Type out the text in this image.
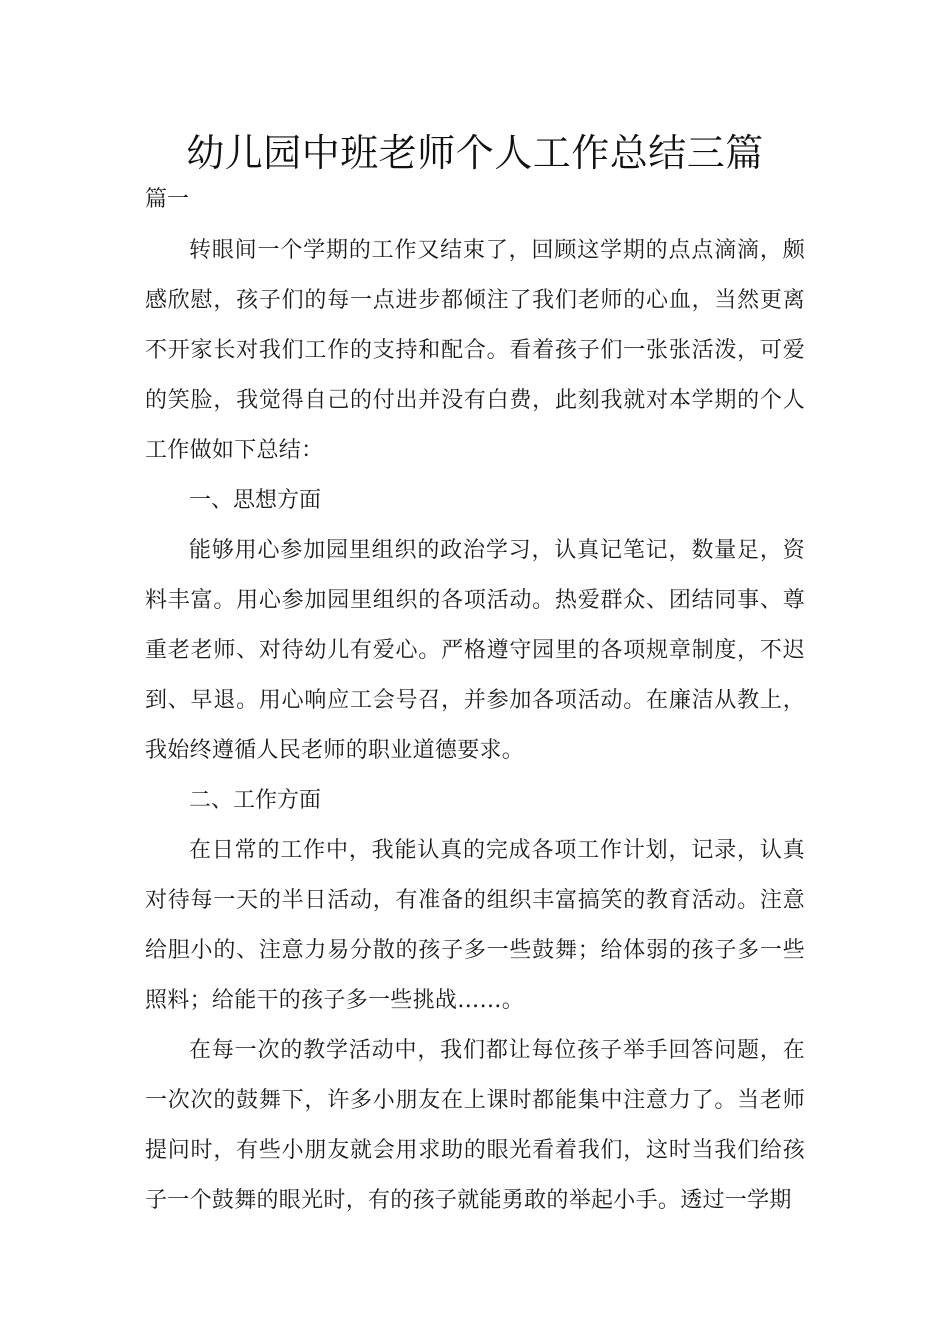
幼儿园中班老师个人工作总结三篇
篇一

转眼间一个学期的工作又结束了，回顾这学期的点点滴滴，颇感欣慰，孩子们的每一点进步都倾注了我们老师的心血，当然更离不开家长对我们工作的支持和配合。看着孩子们一张张活泼，可爱的笑脸，我觉得自己的付出并没有白费，此刻我就对本学期的个人工作做如下总结：

一、思想方面

能够用心参加园里组织的政治学习，认真记笔记，数量足，资料丰富。用心参加园里组织的各项活动。热爱群众、团结同事、尊重老老师、对待幼儿有爱心。严格遵守园里的各项规章制度，不迟到、早退。用心响应工会号召，并参加各项活动。在廉洁从教上，我始终遵循人民老师的职业道德要求。

二、工作方面

在日常的工作中，我能认真的完成各项工作计划，记录，认真对待每一天的半日活动，有准备的组织丰富搞笑的教育活动。注意给胆小的、注意力易分散的孩子多一些鼓舞；给体弱的孩子多一些照料；给能干的孩子多一些挑战……。

在每一次的教学活动中，我们都让每位孩子举手回答问题，在一次次的鼓舞下，许多小朋友在上课时都能集中注意力了。当老师提问时，有些小朋友就会用求助的眼光看着我们，这时当我们给孩子一个鼓舞的眼光时，有的孩子就能勇敢的举起小手。透过一学期
